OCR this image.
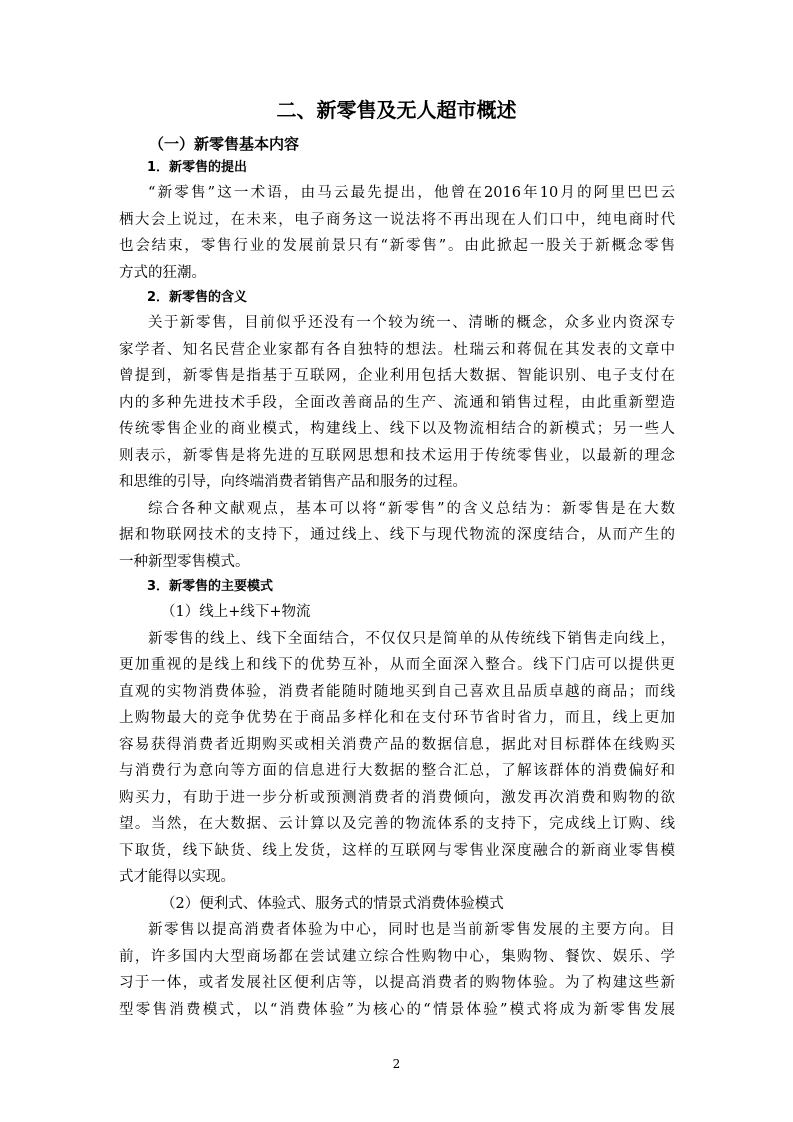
二、新零售及无人超市概述
（一）新零售基本内容
1．新零售的提出
“新零售”这一术语，由马云最先提出，他曾在2016年10月的阿里巴巴云
栖大会上说过，在未来，电子商务这一说法将不再出现在人们口中，纯电商时代
也会结束，零售行业的发展前景只有“新零售”。由此掀起一股关于新概念零售
方式的狂潮。
2．新零售的含义
关于新零售，目前似乎还没有一个较为统一、清晰的概念，众多业内资深专
家学者、知名民营企业家都有各自独特的想法。杜瑞云和蒋侃在其发表的文章中
曾提到，新零售是指基于互联网，企业利用包括大数据、智能识别、电子支付在
内的多种先进技术手段，全面改善商品的生产、流通和销售过程，由此重新塑造
传统零售企业的商业模式，构建线上、线下以及物流相结合的新模式；另一些人
则表示，新零售是将先进的互联网思想和技术运用于传统零售业，以最新的理念
和思维的引导，向终端消费者销售产品和服务的过程。
综合各种文献观点，基本可以将“新零售”的含义总结为：新零售是在大数
据和物联网技术的支持下，通过线上、线下与现代物流的深度结合，从而产生的
一种新型零售模式。
3．新零售的主要模式
（1）线上+线下+物流
新零售的线上、线下全面结合，不仅仅只是简单的从传统线下销售走向线上，
更加重视的是线上和线下的优势互补，从而全面深入整合。线下门店可以提供更
直观的实物消费体验，消费者能随时随地买到自己喜欢且品质卓越的商品；而线
上购物最大的竞争优势在于商品多样化和在支付环节省时省力，而且，线上更加
容易获得消费者近期购买或相关消费产品的数据信息，据此对目标群体在线购买
与消费行为意向等方面的信息进行大数据的整合汇总，了解该群体的消费偏好和
购买力，有助于进一步分析或预测消费者的消费倾向，激发再次消费和购物的欲
望。当然，在大数据、云计算以及完善的物流体系的支持下，完成线上订购、线
下取货，线下缺货、线上发货，这样的互联网与零售业深度融合的新商业零售模
式才能得以实现。
（2）便利式、体验式、服务式的情景式消费体验模式
新零售以提高消费者体验为中心，同时也是当前新零售发展的主要方向。目
前，许多国内大型商场都在尝试建立综合性购物中心，集购物、餐饮、娱乐、学
习于一体，或者发展社区便利店等，以提高消费者的购物体验。为了构建这些新
型零售消费模式，以“消费体验”为核心的“情景体验”模式将成为新零售发展
2
